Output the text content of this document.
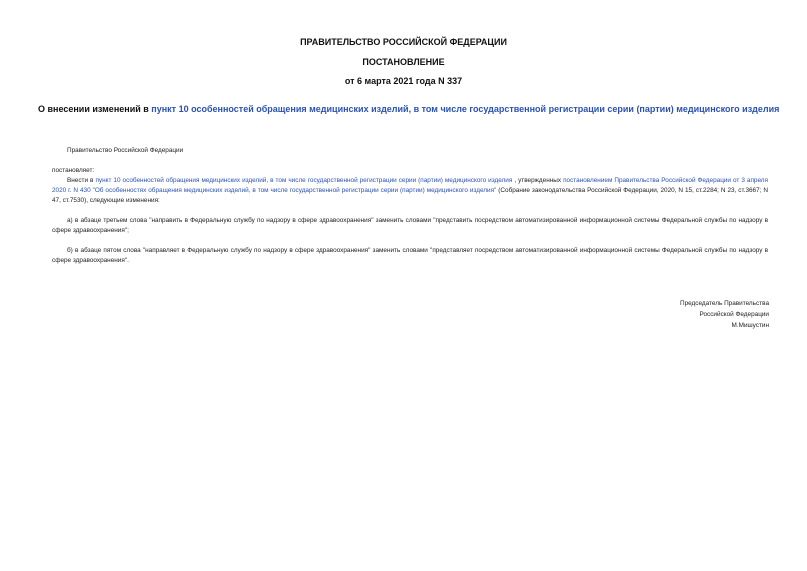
ПРАВИТЕЛЬСТВО РОССИЙСКОЙ ФЕДЕРАЦИИ
ПОСТАНОВЛЕНИЕ
от 6 марта 2021 года N 337
О внесении изменений в пункт 10 особенностей обращения медицинских изделий, в том числе государственной регистрации серии (партии) медицинского изделия
Правительство Российской Федерации
постановляет:
Внести в пункт 10 особенностей обращения медицинских изделий, в том числе государственной регистрации серии (партии) медицинского изделия , утвержденных постановлением Правительства Российской Федерации от 3 апреля 2020 г. N 430 "Об особенностях обращения медицинских изделий, в том числе государственной регистрации серии (партии) медицинского изделия" (Собрание законодательства Российской Федерации, 2020, N 15, ст.2284; N 23, ст.3667; N 47, ст.7530), следующие изменения:
а) в абзаце третьем слова "направить в Федеральную службу по надзору в сфере здравоохранения" заменить словами "представить посредством автоматизированной информационной системы Федеральной службы по надзору в сфере здравоохранения";
б) в абзаце пятом слова "направляет в Федеральную службу по надзору в сфере здравоохранения" заменить словами "представляет посредством автоматизированной информационной системы Федеральной службы по надзору в сфере здравоохранения".
Председатель Правительства
Российской Федерации
М.Мишустин
